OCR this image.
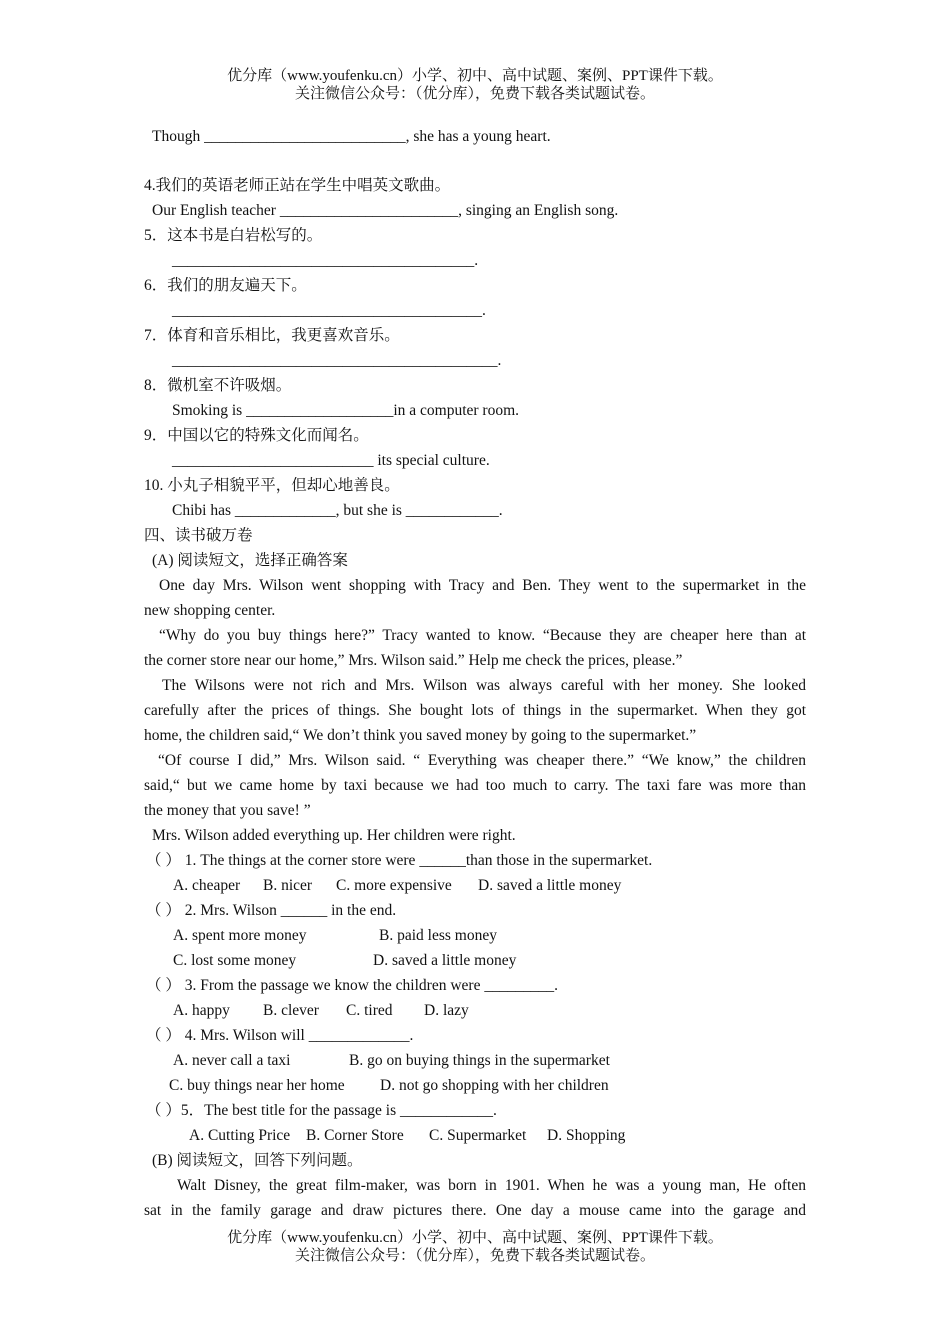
优分库（www.youfenku.cn）小学、初中、高中试题、案例、PPT课件下载。
关注微信公众号：（优分库），免费下载各类试题试卷。
Though __________________________, she has a young heart.
4.我们的英语老师正站在学生中唱英文歌曲。
Our English teacher _______________________, singing an English song.
5．这本书是白岩松写的。
_______________________________________.
6．我们的朋友遍天下。
________________________________________.
7．体育和音乐相比，我更喜欢音乐。
__________________________________________.
8．微机室不许吸烟。
Smoking is ___________________in a computer room.
9．中国以它的特殊文化而闻名。
__________________________ its special culture.
10. 小丸子相貌平平，但却心地善良。
Chibi has _____________, but she is ____________.
四、读书破万卷
(A) 阅读短文，选择正确答案
One day Mrs. Wilson went shopping with Tracy and Ben. They went to the supermarket in the
new shopping center.
“Why do you buy things here?” Tracy wanted to know. “Because they are cheaper here than at
the corner store near our home,” Mrs. Wilson said.” Help me check the prices, please.”
The Wilsons were not rich and Mrs. Wilson was always careful with her money. She looked
carefully after the prices of things. She bought lots of things in the supermarket. When they got
home, the children said,“ We don’t think you saved money by going to the supermarket.”
“Of course I did,” Mrs. Wilson said. “ Everything was cheaper there.” “We know,” the children
said,“ but we came home by taxi because we had too much to carry. The taxi fare was more than
the money that you save! ”
Mrs. Wilson added everything up. Her children were right.
（ ） 1. The things at the corner store were ______than those in the supermarket.
A. cheaper B. nicer C. more expensive D. saved a little money
（ ） 2. Mrs. Wilson ______ in the end.
A. spent more money	B. paid less money
C. lost some money	D. saved a little money
（ ） 3. From the passage we know the children were _________.
A. happy B. clever C. tired D. lazy
（ ） 4. Mrs. Wilson will _____________.
A. never call a taxi	B. go on buying things in the supermarket
C. buy things near her home D. not go shopping with her children
（ ）5．The best title for the passage is ____________.
A. Cutting Price B. Corner Store C. Supermarket D. Shopping
(B) 阅读短文，回答下列问题。
Walt Disney, the great film-maker, was born in 1901. When he was a young man, He often
sat in the family garage and draw pictures there. One day a mouse came into the garage and
优分库（www.youfenku.cn）小学、初中、高中试题、案例、PPT课件下载。
关注微信公众号：（优分库），免费下载各类试题试卷。
